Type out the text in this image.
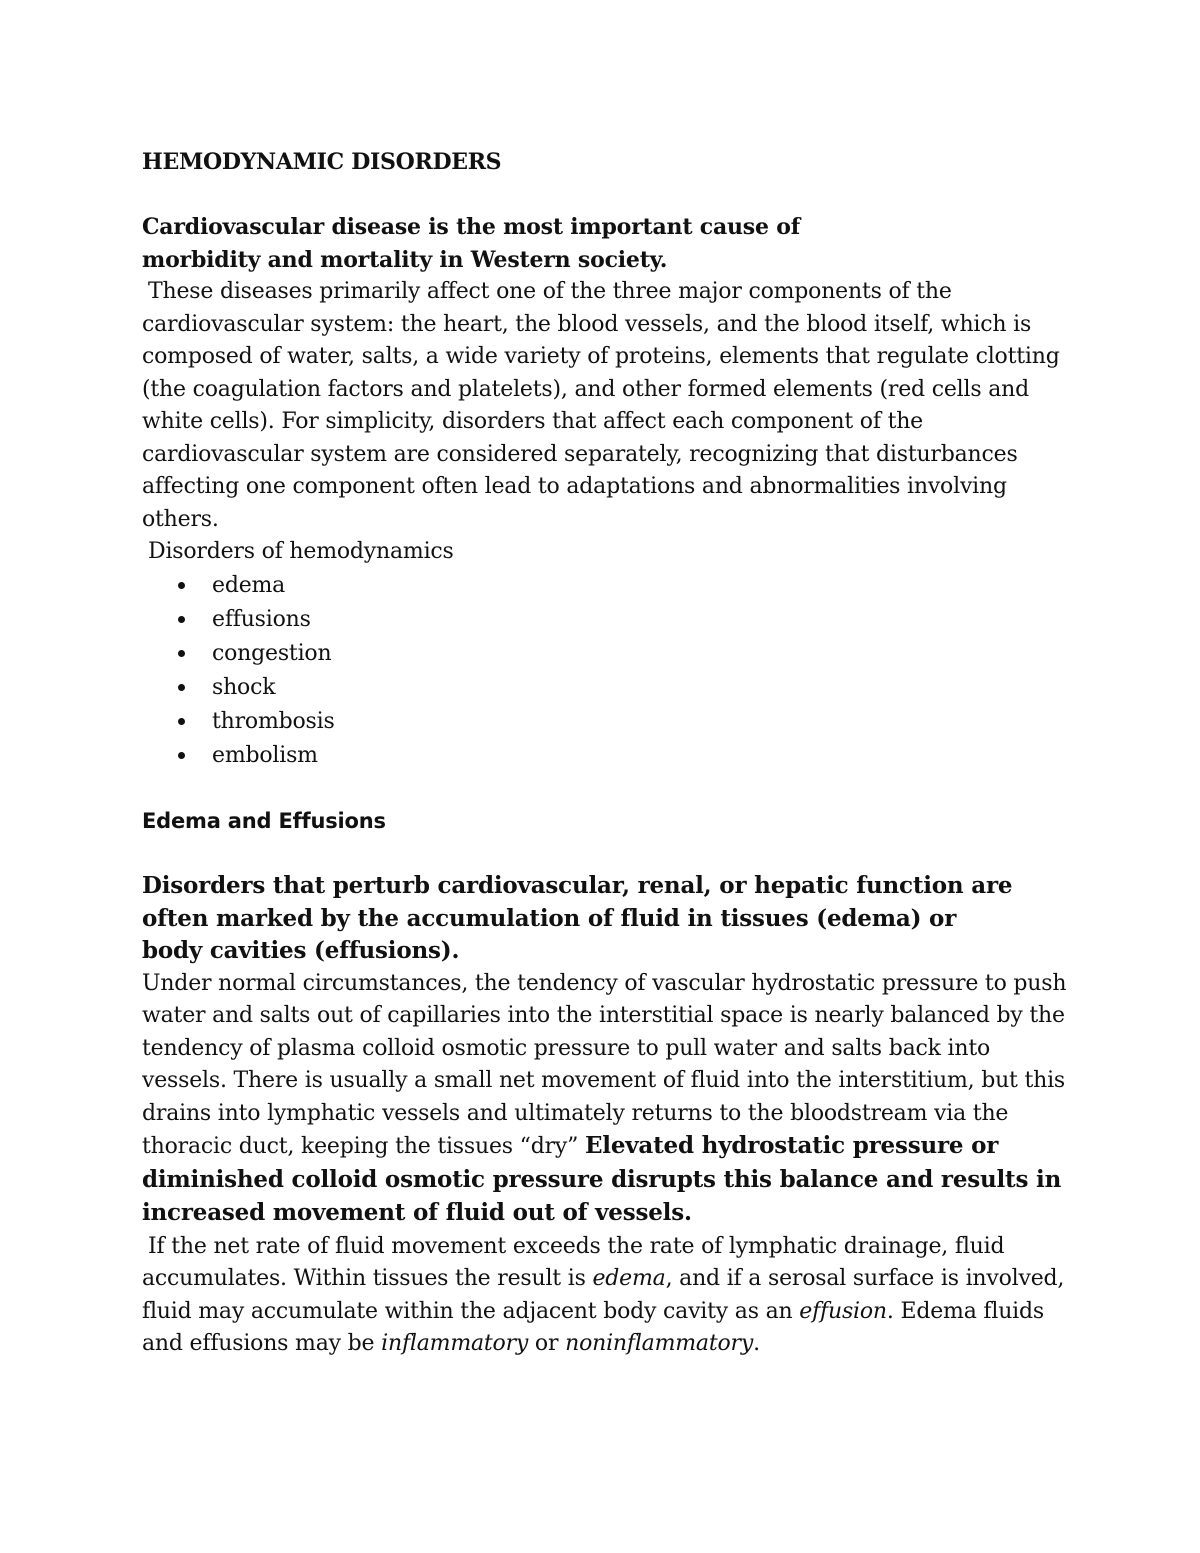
HEMODYNAMIC DISORDERS

Cardiovascular disease is the most important cause of morbidity and mortality in Western society.

These diseases primarily affect one of the three major components of the cardiovascular system: the heart, the blood vessels, and the blood itself, which is composed of water, salts, a wide variety of proteins, elements that regulate clotting (the coagulation factors and platelets), and other formed elements (red cells and white cells). For simplicity, disorders that affect each component of the cardiovascular system are considered separately, recognizing that disturbances affecting one component often lead to adaptations and abnormalities involving others.

Disorders of hemodynamics

edema
effusions
congestion
shock
thrombosis
embolism

Edema and Effusions

Disorders that perturb cardiovascular, renal, or hepatic function are often marked by the accumulation of fluid in tissues (edema) or body cavities (effusions).

Under normal circumstances, the tendency of vascular hydrostatic pressure to push water and salts out of capillaries into the interstitial space is nearly balanced by the tendency of plasma colloid osmotic pressure to pull water and salts back into vessels. There is usually a small net movement of fluid into the interstitium, but this drains into lymphatic vessels and ultimately returns to the bloodstream via the thoracic duct, keeping the tissues “dry” Elevated hydrostatic pressure or diminished colloid osmotic pressure disrupts this balance and results in increased movement of fluid out of vessels.

If the net rate of fluid movement exceeds the rate of lymphatic drainage, fluid accumulates. Within tissues the result is edema, and if a serosal surface is involved, fluid may accumulate within the adjacent body cavity as an effusion. Edema fluids and effusions may be inflammatory or noninflammatory.
